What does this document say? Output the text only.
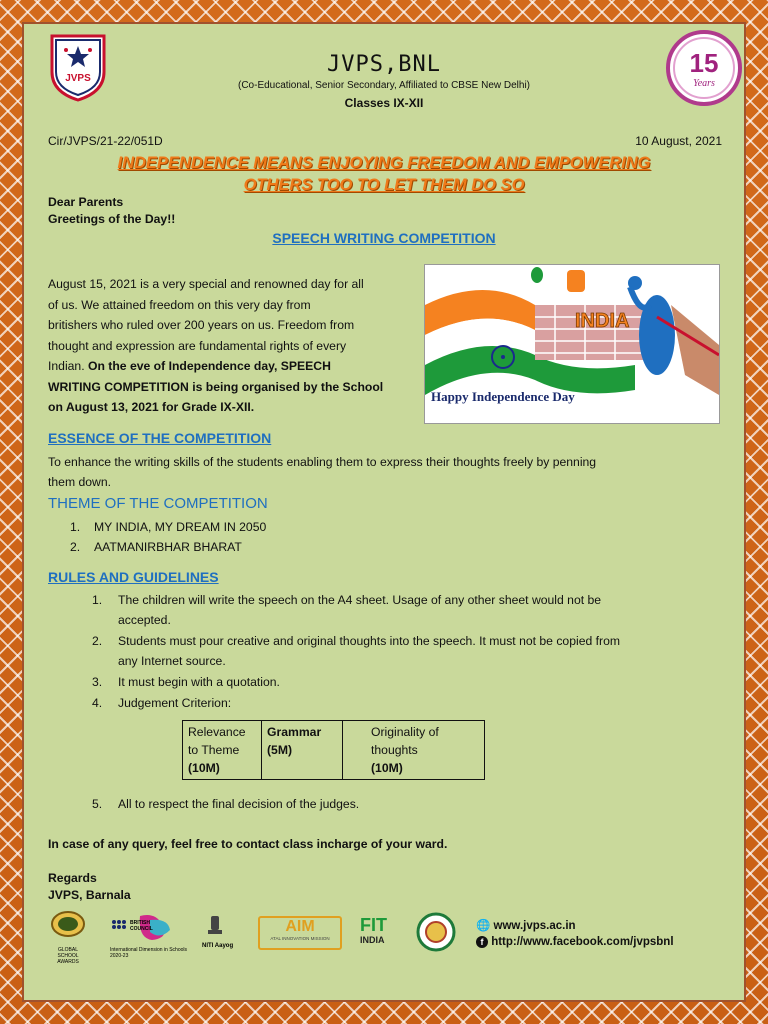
JVPS
15
Years
JVPS,BNL
(Co-Educational, Senior Secondary, Affiliated to CBSE New Delhi)
Classes IX-XII
Cir/JVPS/21-22/051D	10 August, 2021
INDEPENDENCE MEANS ENJOYING FREEDOM AND EMPOWERING
OTHERS TOO TO LET THEM DO SO
Dear Parents
Greetings of the Day!!
SPEECH WRITING COMPETITION
August 15, 2021 is a very special and renowned day for all
of us. We attained freedom on this very day from
britishers who ruled over 200 years on us. Freedom from
thought and expression are fundamental rights of every
Indian. On the eve of Independence day, SPEECH
WRITING COMPETITION is being organised by the School
on August 13, 2021 for Grade IX-XII.
INDIA
Happy Independence Day
ESSENCE OF THE COMPETITION
To enhance the writing skills of the students enabling them to express their thoughts freely by penning
them down.
THEME OF THE COMPETITION
1. MY INDIA, MY DREAM IN 2050
2. AATMANIRBHAR BHARAT
RULES AND GUIDELINES
1.	The children will write the speech on the A4 sheet. Usage of any other sheet would not be
accepted.
2.	Students must pour creative and original thoughts into the speech. It must not be copied from
any Internet source.
3. It must begin with a quotation.
4. Judgement Criterion:
Relevance
to Theme
(10M)

Grammar
(5M)

Originality of
thoughts
(10M)
5. All to respect the final decision of the judges.
In case of any query, feel free to contact class incharge of your ward.
Regards
JVPS, Barnala
GLOBAL SCHOOL AWARDS
BRITISH COUNCIL
International Dimension in Schools 2020-23
NITI Aayog
AIM
ATAL INNOVATION MISSION
FIT
INDIA
🌐 www.jvps.ac.in
f http://www.facebook.com/jvpsbnl
